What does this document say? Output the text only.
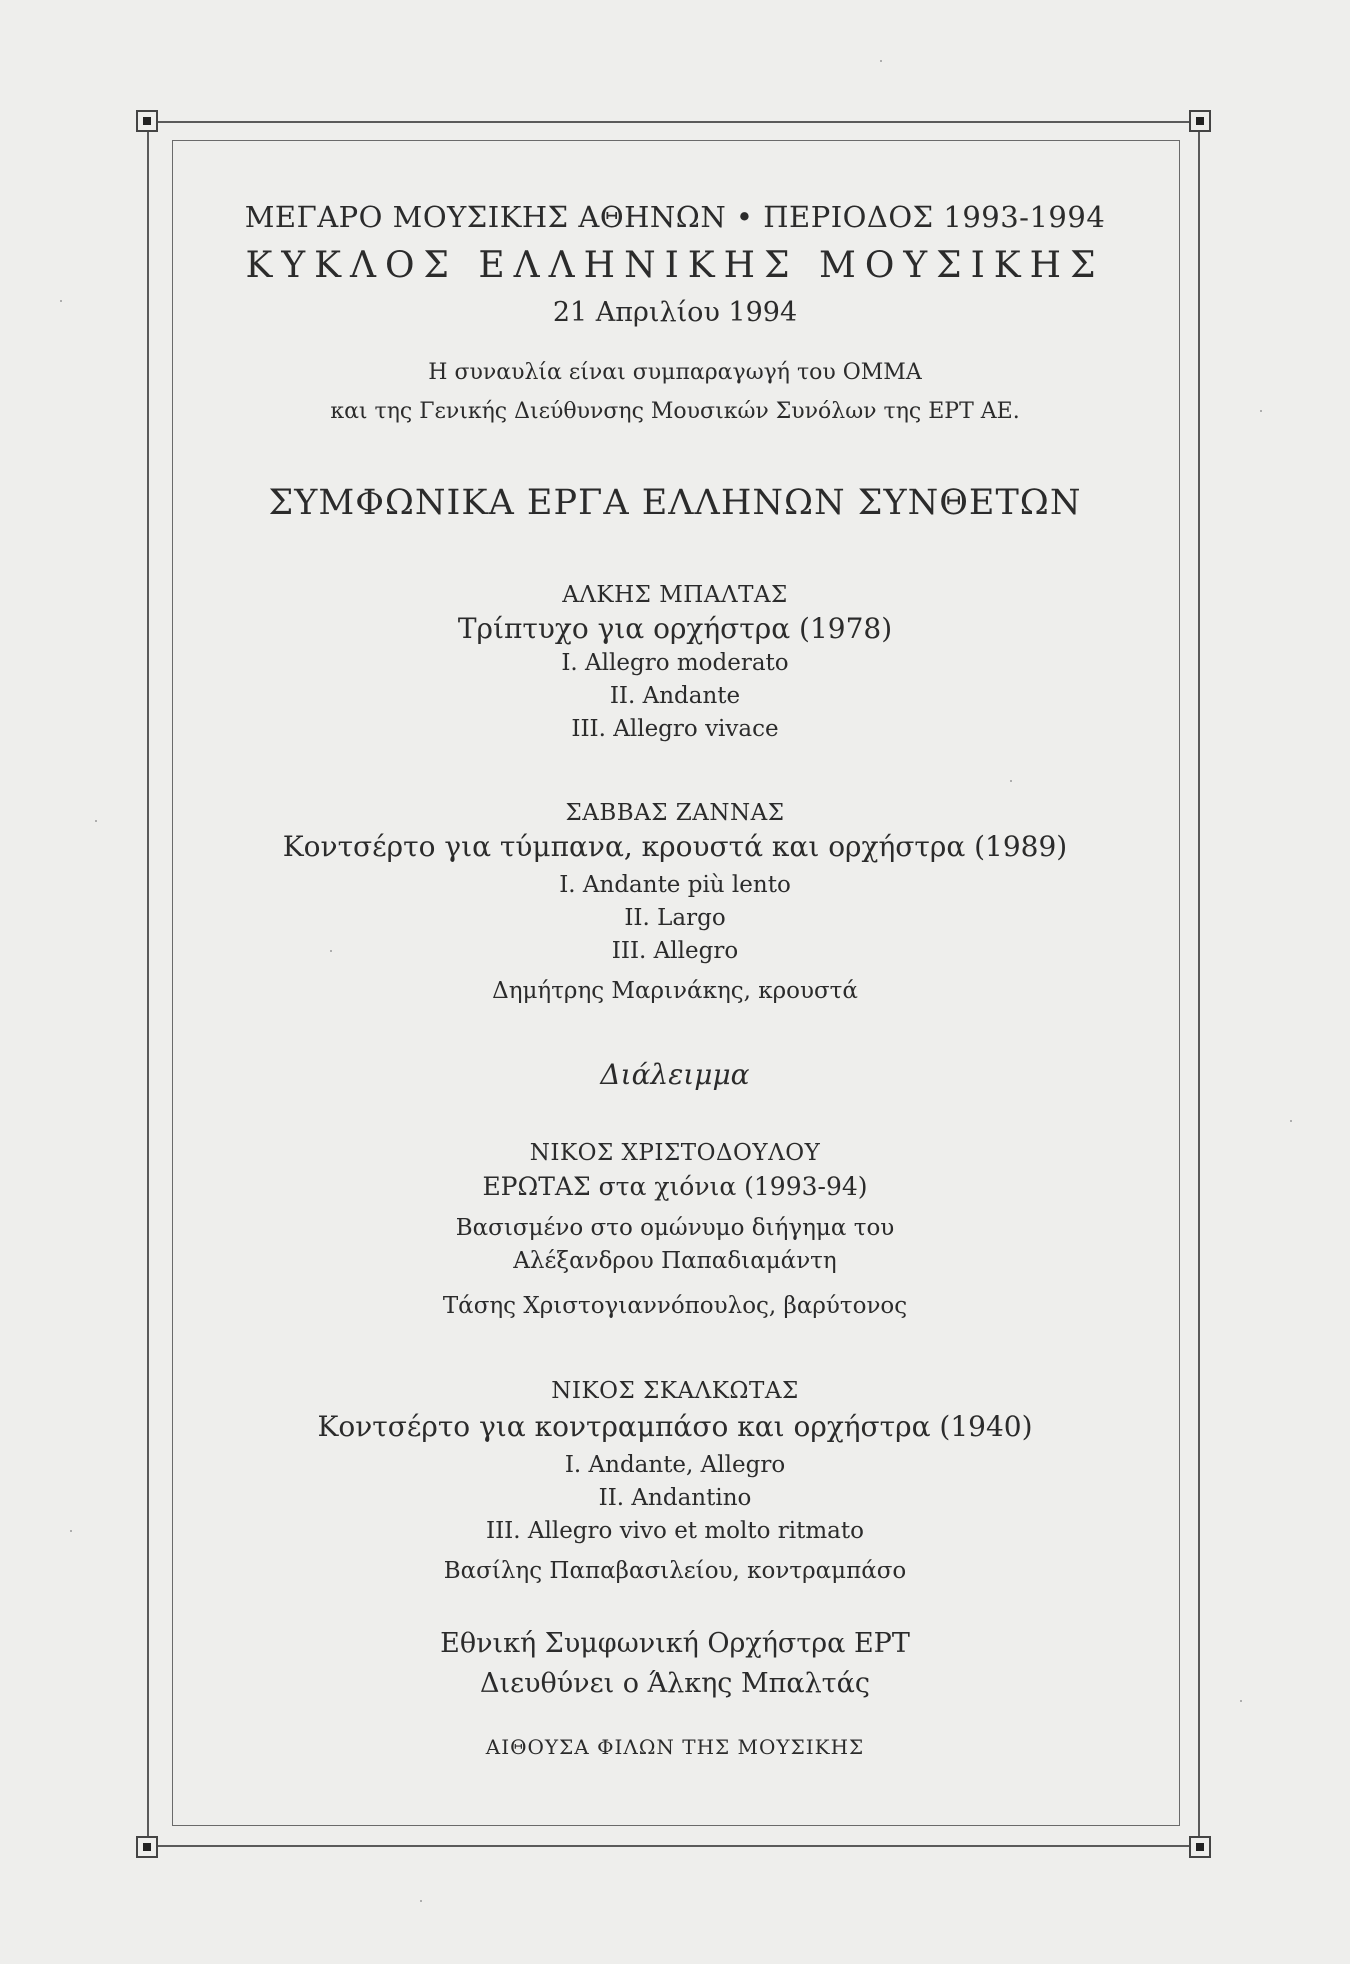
ΜΕΓΑΡΟ ΜΟΥΣΙΚΗΣ ΑΘΗΝΩΝ • ΠΕΡΙΟΔΟΣ 1993-1994
ΚΥΚΛΟΣ ΕΛΛΗΝΙΚΗΣ ΜΟΥΣΙΚΗΣ
21 Απριλίου 1994
Η συναυλία είναι συμπαραγωγή του ΟΜΜΑ
και της Γενικής Διεύθυνσης Μουσικών Συνόλων της ΕΡΤ ΑΕ.
ΣΥΜΦΩΝΙΚΑ ΕΡΓΑ ΕΛΛΗΝΩΝ ΣΥΝΘΕΤΩΝ
ΑΛΚΗΣ ΜΠΑΛΤΑΣ
Τρίπτυχο για ορχήστρα (1978)
I. Allegro moderato
II. Andante
III. Allegro vivace
ΣΑΒΒΑΣ ΖΑΝΝΑΣ
Κοντσέρτο για τύμπανα, κρουστά και ορχήστρα (1989)
I. Andante più lento
II. Largo
III. Allegro
Δημήτρης Μαρινάκης, κρουστά
Διάλειμμα
ΝΙΚΟΣ ΧΡΙΣΤΟΔΟΥΛΟΥ
ΕΡΩΤΑΣ στα χιόνια (1993-94)
Βασισμένο στο ομώνυμο διήγημα του
Αλέξανδρου Παπαδιαμάντη
Τάσης Χριστογιαννόπουλος, βαρύτονος
ΝΙΚΟΣ ΣΚΑΛΚΩΤΑΣ
Κοντσέρτο για κοντραμπάσο και ορχήστρα (1940)
I. Andante, Allegro
II. Andantino
III. Allegro vivo et molto ritmato
Βασίλης Παπαβασιλείου, κοντραμπάσο
Εθνική Συμφωνική Ορχήστρα ΕΡΤ
Διευθύνει ο Άλκης Μπαλτάς
ΑΙΘΟΥΣΑ ΦΙΛΩΝ ΤΗΣ ΜΟΥΣΙΚΗΣ
